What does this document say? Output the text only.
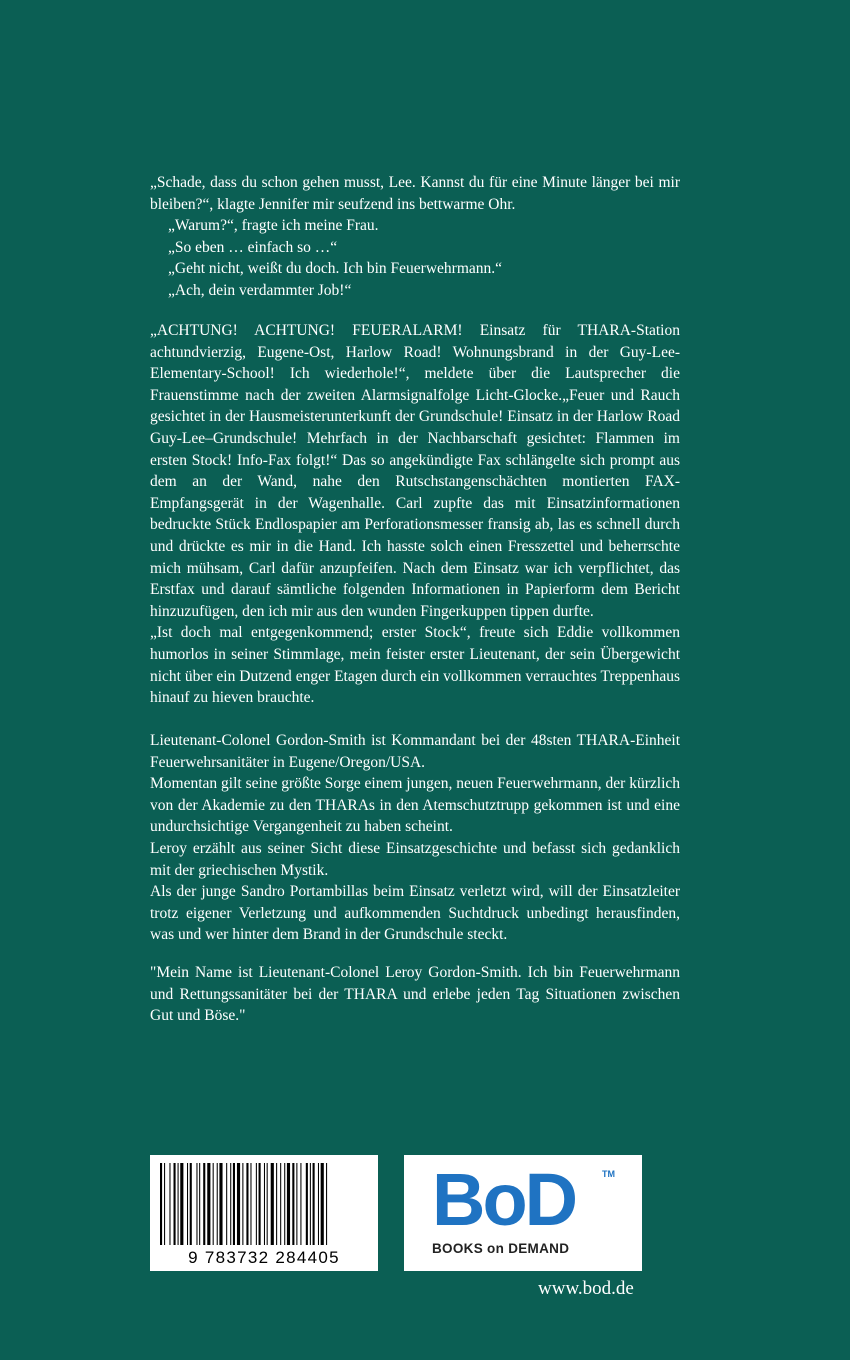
„Schade, dass du schon gehen musst, Lee. Kannst du für eine Minute länger bei mir bleiben?“, klagte Jennifer mir seufzend ins bettwarme Ohr.

„Warum?“, fragte ich meine Frau.

„So eben … einfach so …“

„Geht nicht, weißt du doch. Ich bin Feuerwehrmann.“

„Ach, dein verdammter Job!“

„ACHTUNG! ACHTUNG! FEUERALARM! Einsatz für THARA-Station achtundvierzig, Eugene-Ost, Harlow Road! Wohnungsbrand in der Guy-Lee-Elementary-School! Ich wiederhole!“, meldete über die Lautsprecher die Frauenstimme nach der zweiten Alarmsignalfolge Licht-Glocke.„Feuer und Rauch gesichtet in der Hausmeisterunterkunft der Grundschule! Einsatz in der Harlow Road Guy-Lee–Grundschule! Mehrfach in der Nachbarschaft gesichtet: Flammen im ersten Stock! Info-Fax folgt!“ Das so angekündigte Fax schlängelte sich prompt aus dem an der Wand, nahe den Rutschstangenschächten montierten FAX-Empfangsgerät in der Wagenhalle. Carl zupfte das mit Einsatzinformationen bedruckte Stück Endlospapier am Perforationsmesser fransig ab, las es schnell durch und drückte es mir in die Hand. Ich hasste solch einen Fresszettel und beherrschte mich mühsam, Carl dafür anzupfeifen. Nach dem Einsatz war ich verpflichtet, das Erstfax und darauf sämtliche folgenden Informationen in Papierform dem Bericht hinzuzufügen, den ich mir aus den wunden Fingerkuppen tippen durfte.

„Ist doch mal entgegenkommend; erster Stock“, freute sich Eddie vollkommen humorlos in seiner Stimmlage, mein feister erster Lieutenant, der sein Übergewicht nicht über ein Dutzend enger Etagen durch ein vollkommen verrauchtes Treppenhaus hinauf zu hieven brauchte.

Lieutenant-Colonel Gordon-Smith ist Kommandant bei der 48sten THARA-Einheit Feuerwehrsanitäter in Eugene/Oregon/USA.

Momentan gilt seine größte Sorge einem jungen, neuen Feuerwehrmann, der kürzlich von der Akademie zu den THARAs in den Atemschutztrupp gekommen ist und eine undurchsichtige Vergangenheit zu haben scheint.

Leroy erzählt aus seiner Sicht diese Einsatzgeschichte und befasst sich gedanklich mit der griechischen Mystik.

Als der junge Sandro Portambillas beim Einsatz verletzt wird, will der Einsatzleiter trotz eigener Verletzung und aufkommenden Suchtdruck unbedingt herausfinden, was und wer hinter dem Brand in der Grundschule steckt.

"Mein Name ist Lieutenant-Colonel Leroy Gordon-Smith. Ich bin Feuerwehrmann und Rettungssanitäter bei der THARA und erlebe jeden Tag Situationen zwischen Gut und Böse."

9 783732 284405
BoD	TM
BOOKS on DEMAND
www.bod.de
